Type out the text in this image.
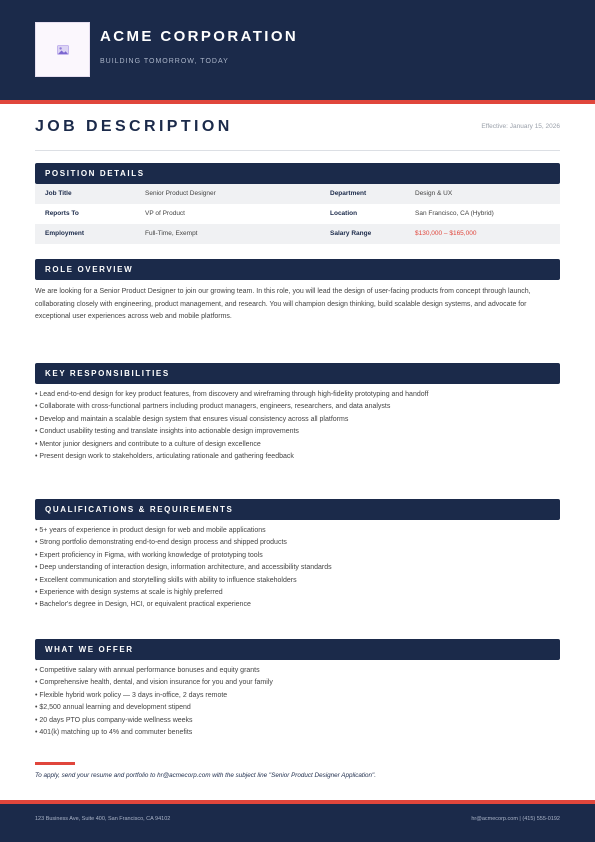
ACME CORPORATION
BUILDING TOMORROW, TODAY
JOB DESCRIPTION	Effective: January 15, 2026
POSITION DETAILS
Job Title	Senior Product Designer	Department	Design & UX
Reports To	VP of Product	Location	San Francisco, CA (Hybrid)
Employment	Full-Time, Exempt	Salary Range	$130,000 – $165,000
ROLE OVERVIEW

We are looking for a Senior Product Designer to join our growing team. In this role, you will lead the design of user-facing products from concept through launch, collaborating closely with engineering, product management, and research. You will champion design thinking, build scalable design systems, and advocate for exceptional user experiences across web and mobile platforms.

KEY RESPONSIBILITIES
• Lead end-to-end design for key product features, from discovery and wireframing through high-fidelity prototyping and handoff
• Collaborate with cross-functional partners including product managers, engineers, researchers, and data analysts
• Develop and maintain a scalable design system that ensures visual consistency across all platforms
• Conduct usability testing and translate insights into actionable design improvements
• Mentor junior designers and contribute to a culture of design excellence
• Present design work to stakeholders, articulating rationale and gathering feedback
QUALIFICATIONS & REQUIREMENTS
• 5+ years of experience in product design for web and mobile applications
• Strong portfolio demonstrating end-to-end design process and shipped products
• Expert proficiency in Figma, with working knowledge of prototyping tools
• Deep understanding of interaction design, information architecture, and accessibility standards
• Excellent communication and storytelling skills with ability to influence stakeholders
• Experience with design systems at scale is highly preferred
• Bachelor's degree in Design, HCI, or equivalent practical experience
WHAT WE OFFER
• Competitive salary with annual performance bonuses and equity grants
• Comprehensive health, dental, and vision insurance for you and your family
• Flexible hybrid work policy — 3 days in-office, 2 days remote
• $2,500 annual learning and development stipend
• 20 days PTO plus company-wide wellness weeks
• 401(k) matching up to 4% and commuter benefits
To apply, send your resume and portfolio to hr@acmecorp.com with the subject line "Senior Product Designer Application".
123 Business Ave, Suite 400, San Francisco, CA 94102	hr@acmecorp.com | (415) 555-0192
